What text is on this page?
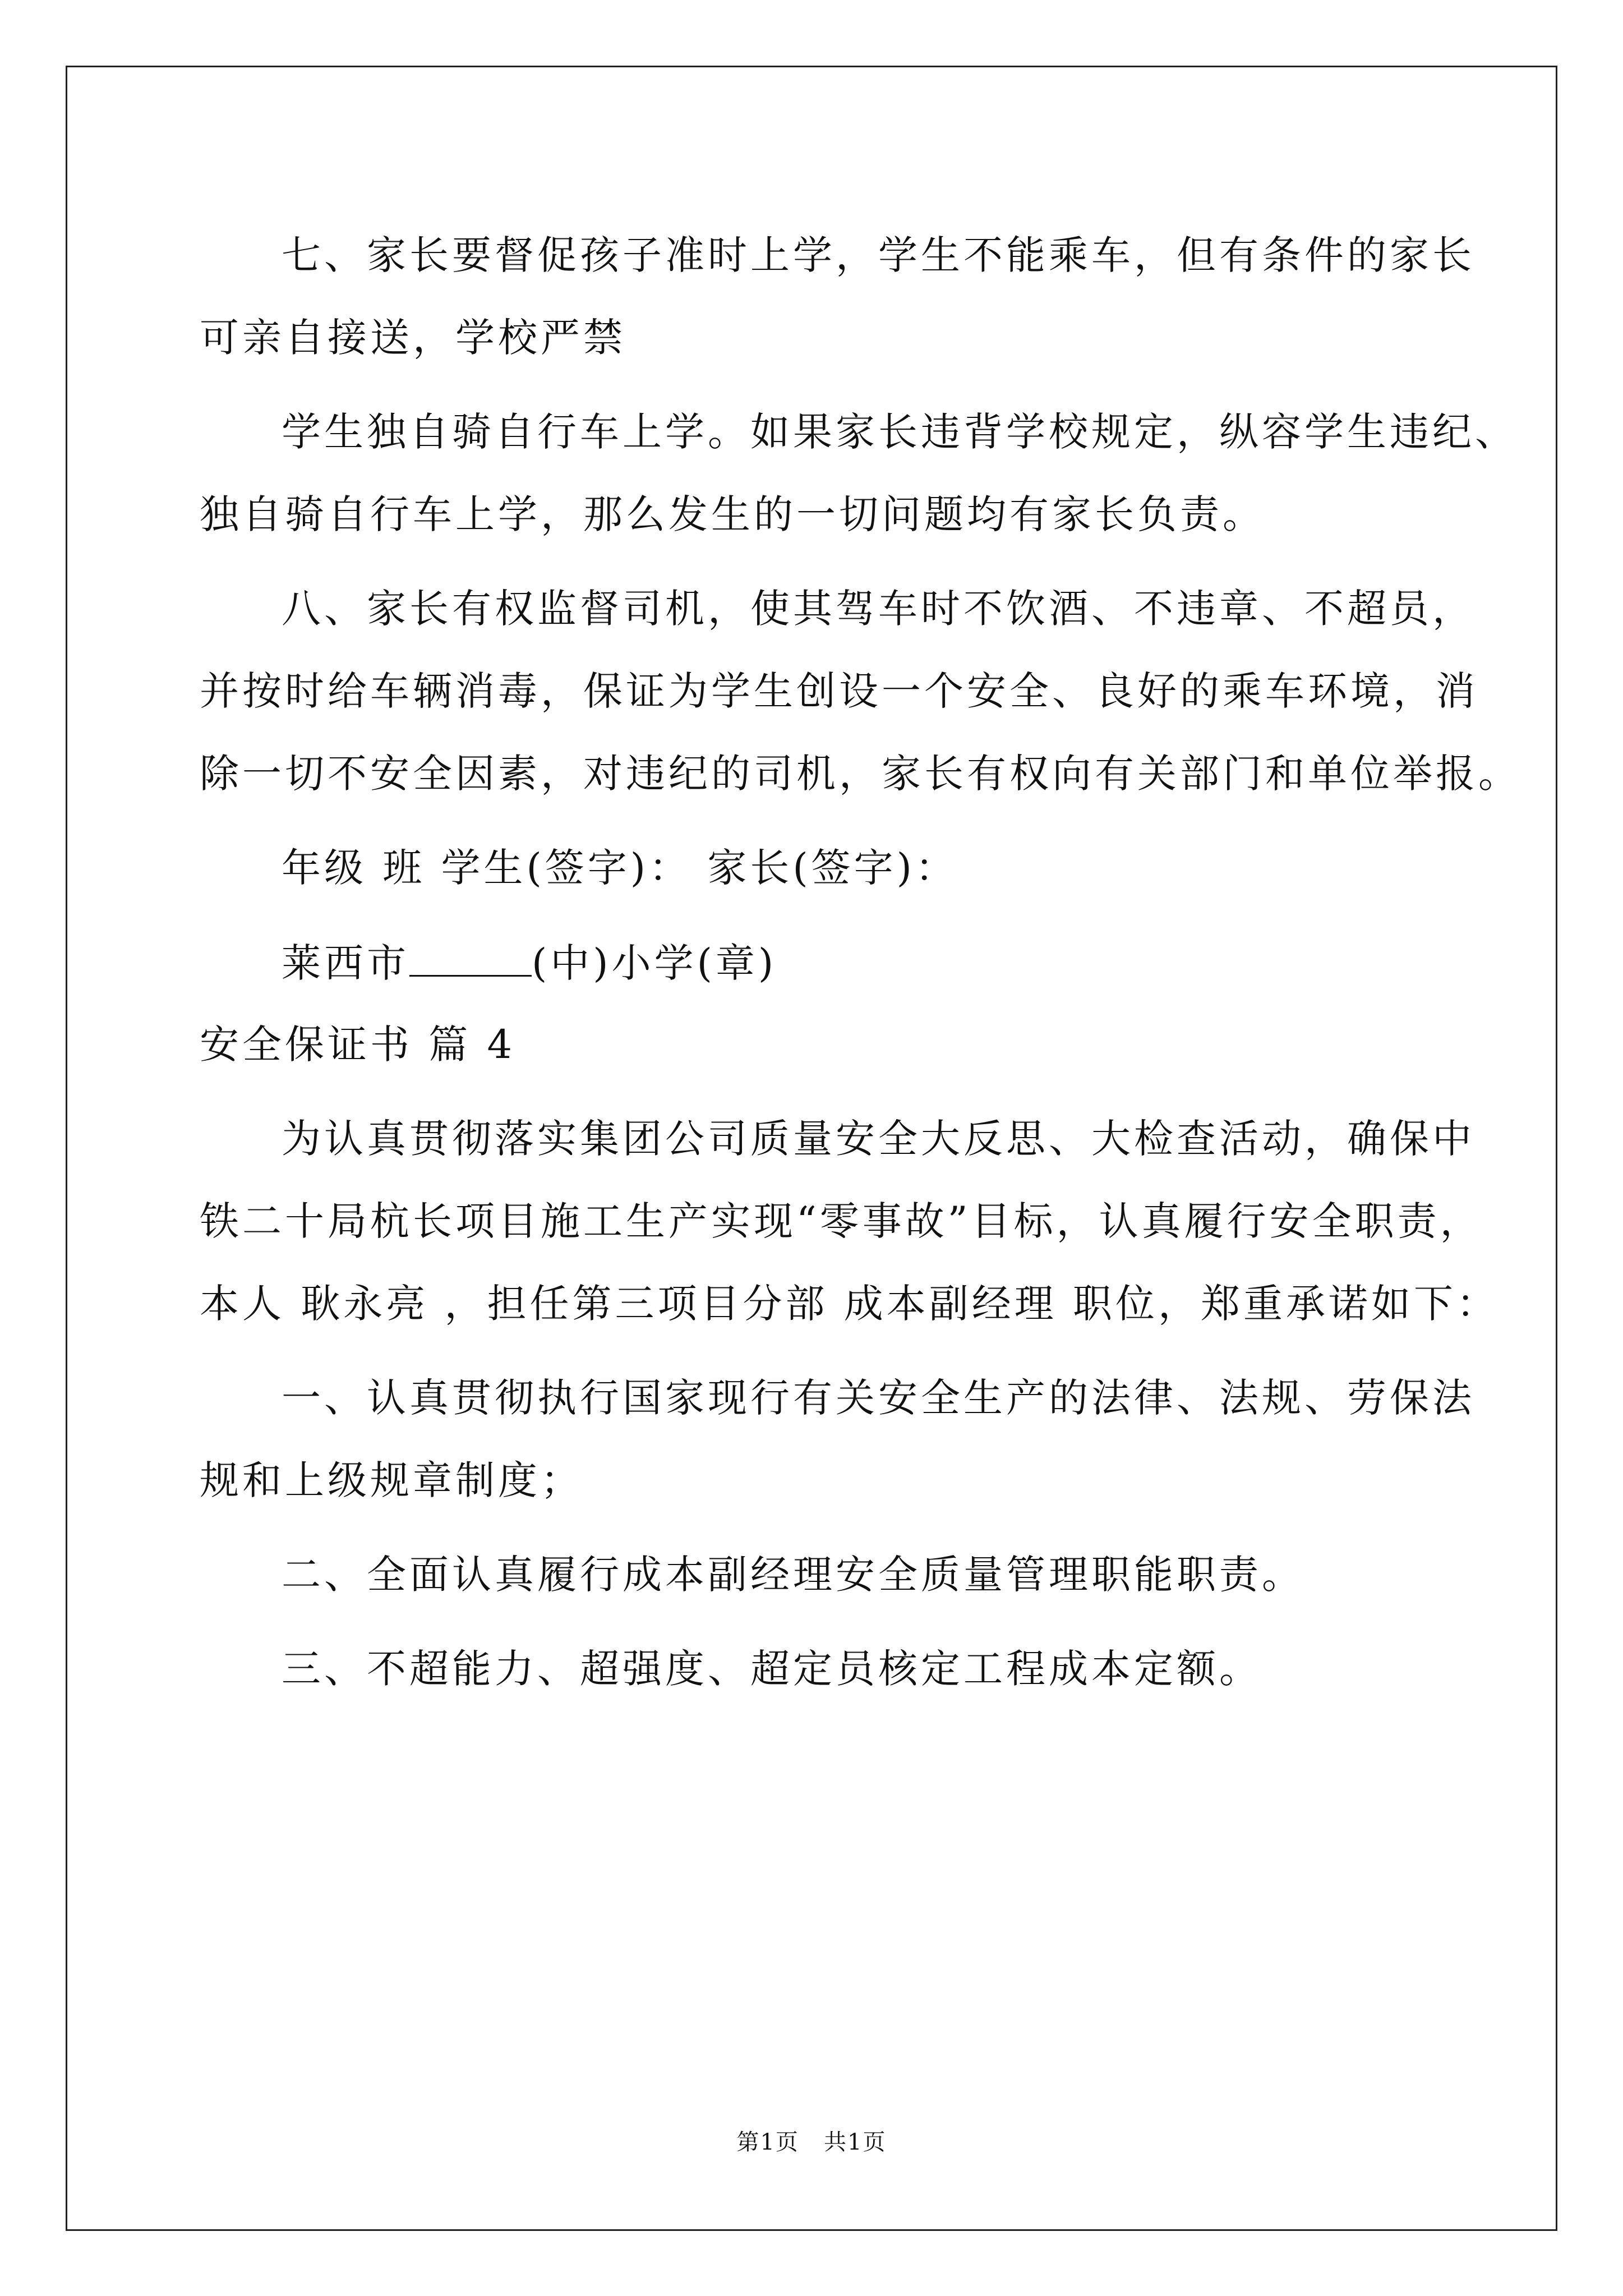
七、家长要督促孩子准时上学，学生不能乘车，但有条件的家长
可亲自接送，学校严禁
学生独自骑自行车上学。如果家长违背学校规定，纵容学生违纪、
独自骑自行车上学，那么发生的一切问题均有家长负责。
八、家长有权监督司机，使其驾车时不饮酒、不违章、不超员，
并按时给车辆消毒，保证为学生创设一个安全、良好的乘车环境，消
除一切不安全因素，对违纪的司机，家长有权向有关部门和单位举报。
年级 班 学生(签字)： 家长(签字)：
莱西市	(中)小学(章)
安全保证书 篇 4
为认真贯彻落实集团公司质量安全大反思、大检查活动，确保中
铁二十局杭长项目施工生产实现“零事故”目标，认真履行安全职责，
本人 耿永亮 ，担任第三项目分部 成本副经理 职位，郑重承诺如下：
一、认真贯彻执行国家现行有关安全生产的法律、法规、劳保法
规和上级规章制度；
二、全面认真履行成本副经理安全质量管理职能职责。
三、不超能力、超强度、超定员核定工程成本定额。
第1页   共1页
